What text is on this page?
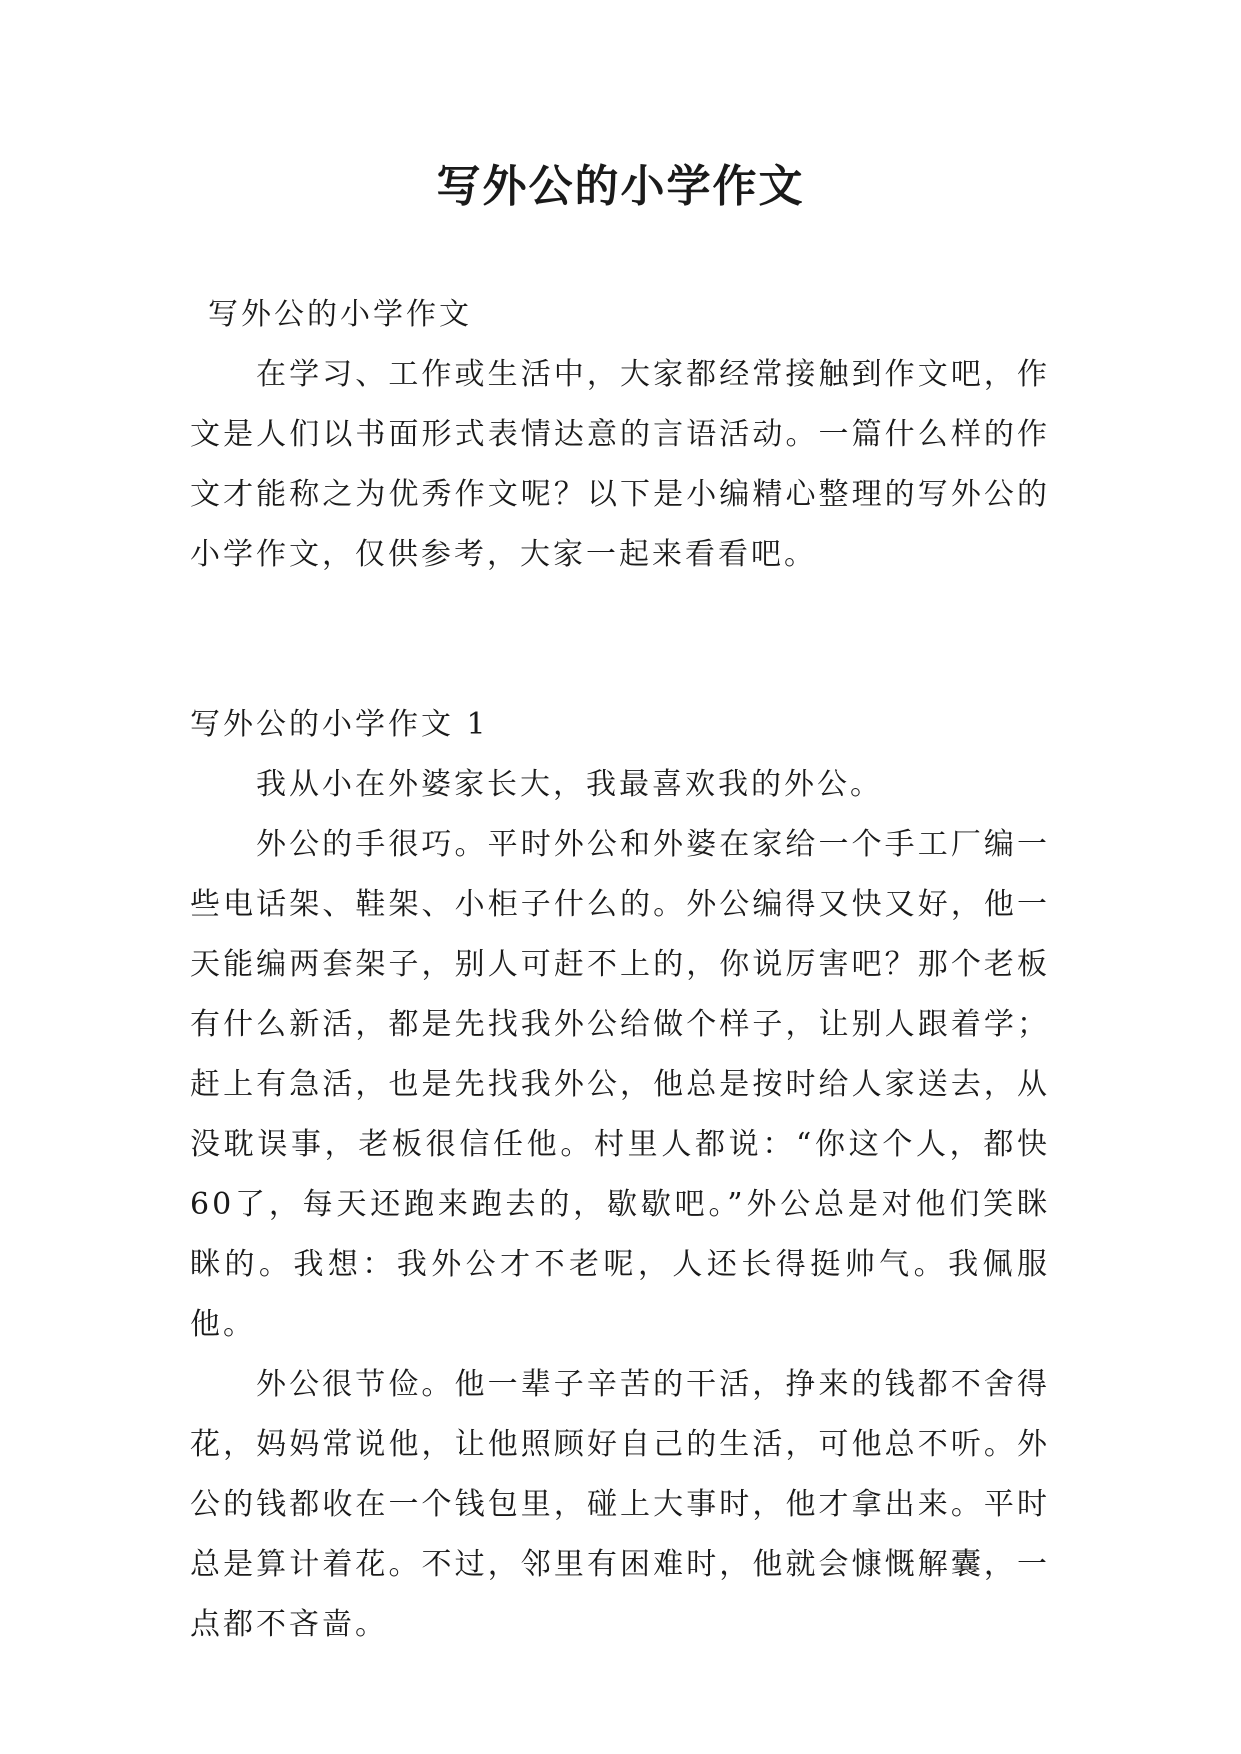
写外公的小学作文

写外公的小学作文

在学习、工作或生活中，大家都经常接触到作文吧，作文是人们以书面形式表情达意的言语活动。一篇什么样的作文才能称之为优秀作文呢？以下是小编精心整理的写外公的小学作文，仅供参考，大家一起来看看吧。

写外公的小学作文 1

我从小在外婆家长大，我最喜欢我的外公。

外公的手很巧。平时外公和外婆在家给一个手工厂编一些电话架、鞋架、小柜子什么的。外公编得又快又好，他一天能编两套架子，别人可赶不上的，你说厉害吧？那个老板有什么新活，都是先找我外公给做个样子，让别人跟着学；赶上有急活，也是先找我外公，他总是按时给人家送去，从没耽误事，老板很信任他。村里人都说：“你这个人，都快60了，每天还跑来跑去的，歇歇吧。”外公总是对他们笑眯眯的。我想：我外公才不老呢，人还长得挺帅气。我佩服他。

外公很节俭。他一辈子辛苦的干活，挣来的钱都不舍得花，妈妈常说他，让他照顾好自己的生活，可他总不听。外公的钱都收在一个钱包里，碰上大事时，他才拿出来。平时总是算计着花。不过，邻里有困难时，他就会慷慨解囊，一点都不吝啬。
